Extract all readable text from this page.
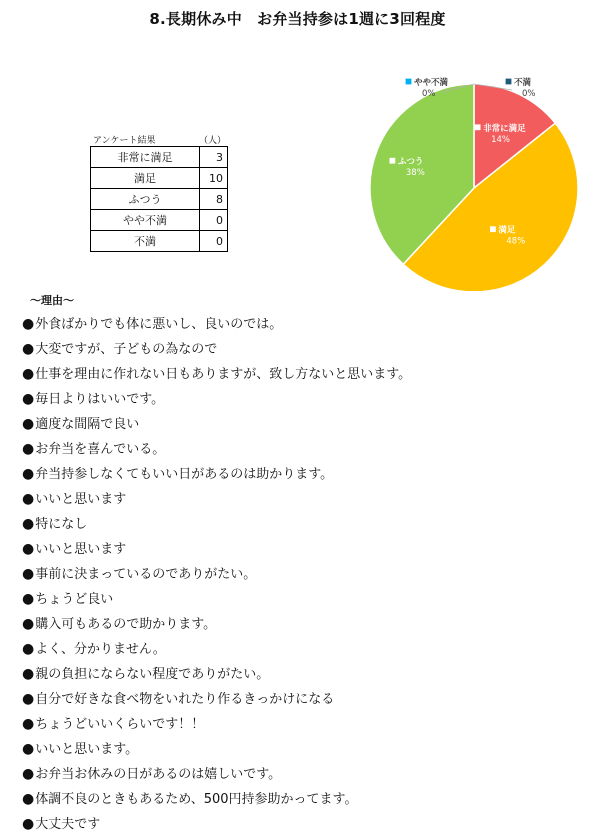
8.長期休み中　お弁当持参は1週に3回程度
アンケート結果	（人）
非常に満足	3
満足	10
ふつう	8
やや不満	0
不満	0
非常に満足
14%
満足
48%
ふつう
38%
やや不満
0%
不満
0%
～理由～
●外食ばかりでも体に悪いし、良いのでは。
●大変ですが、子どもの為なので
●仕事を理由に作れない日もありますが、致し方ないと思います。
●毎日よりはいいです。
●適度な間隔で良い
●お弁当を喜んでいる。
●弁当持参しなくてもいい日があるのは助かります。
●いいと思います
●特になし
●いいと思います
●事前に決まっているのでありがたい。
●ちょうど良い
●購入可もあるので助かります。
●よく、分かりません。
●親の負担にならない程度でありがたい。
●自分で好きな食べ物をいれたり作るきっかけになる
●ちょうどいいくらいです！！
●いいと思います。
●お弁当お休みの日があるのは嬉しいです。
●体調不良のときもあるため、500円持参助かってます。
●大丈夫です
